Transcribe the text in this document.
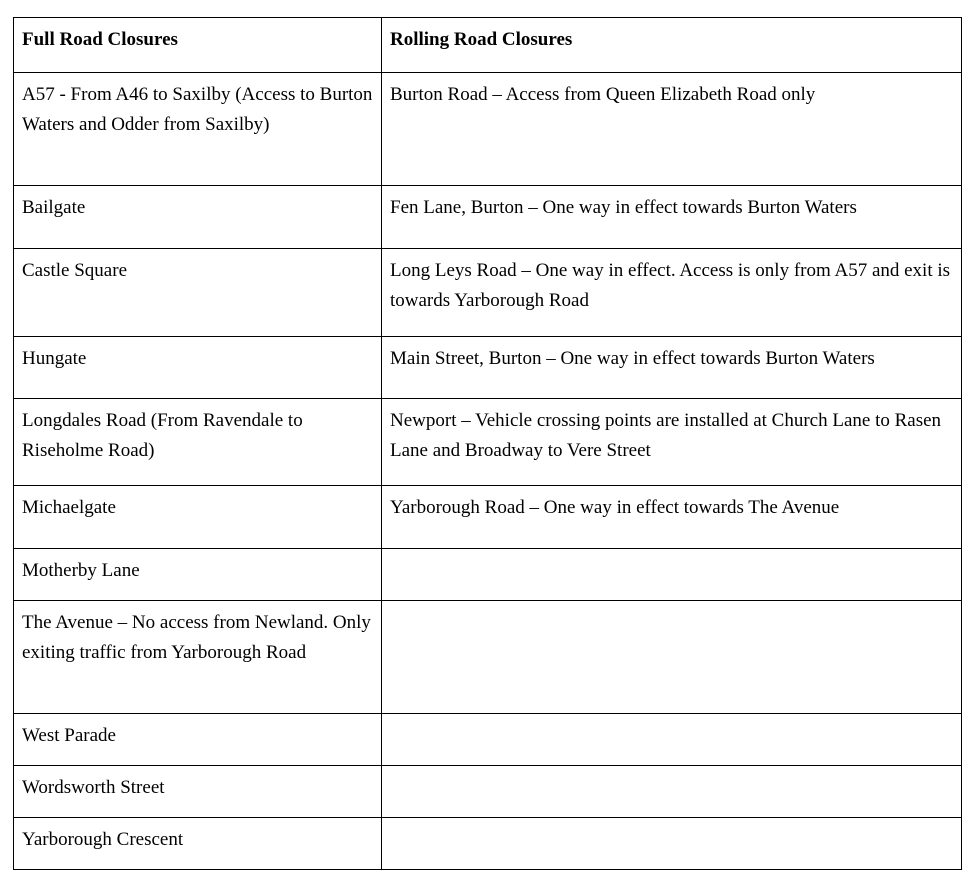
Full Road Closures	Rolling Road Closures
A57 - From A46 to Saxilby (Access to Burton Waters and Odder from Saxilby)	Burton Road – Access from Queen Elizabeth Road only
Bailgate	Fen Lane, Burton – One way in effect towards Burton Waters
Castle Square	Long Leys Road – One way in effect. Access is only from A57 and exit is towards Yarborough Road
Hungate	Main Street, Burton – One way in effect towards Burton Waters
Longdales Road (From Ravendale to Riseholme Road)	Newport – Vehicle crossing points are installed at Church Lane to Rasen Lane and Broadway to Vere Street
Michaelgate	Yarborough Road – One way in effect towards The Avenue
Motherby Lane	
The Avenue – No access from Newland. Only exiting traffic from Yarborough Road	
West Parade	
Wordsworth Street	
Yarborough Crescent	
